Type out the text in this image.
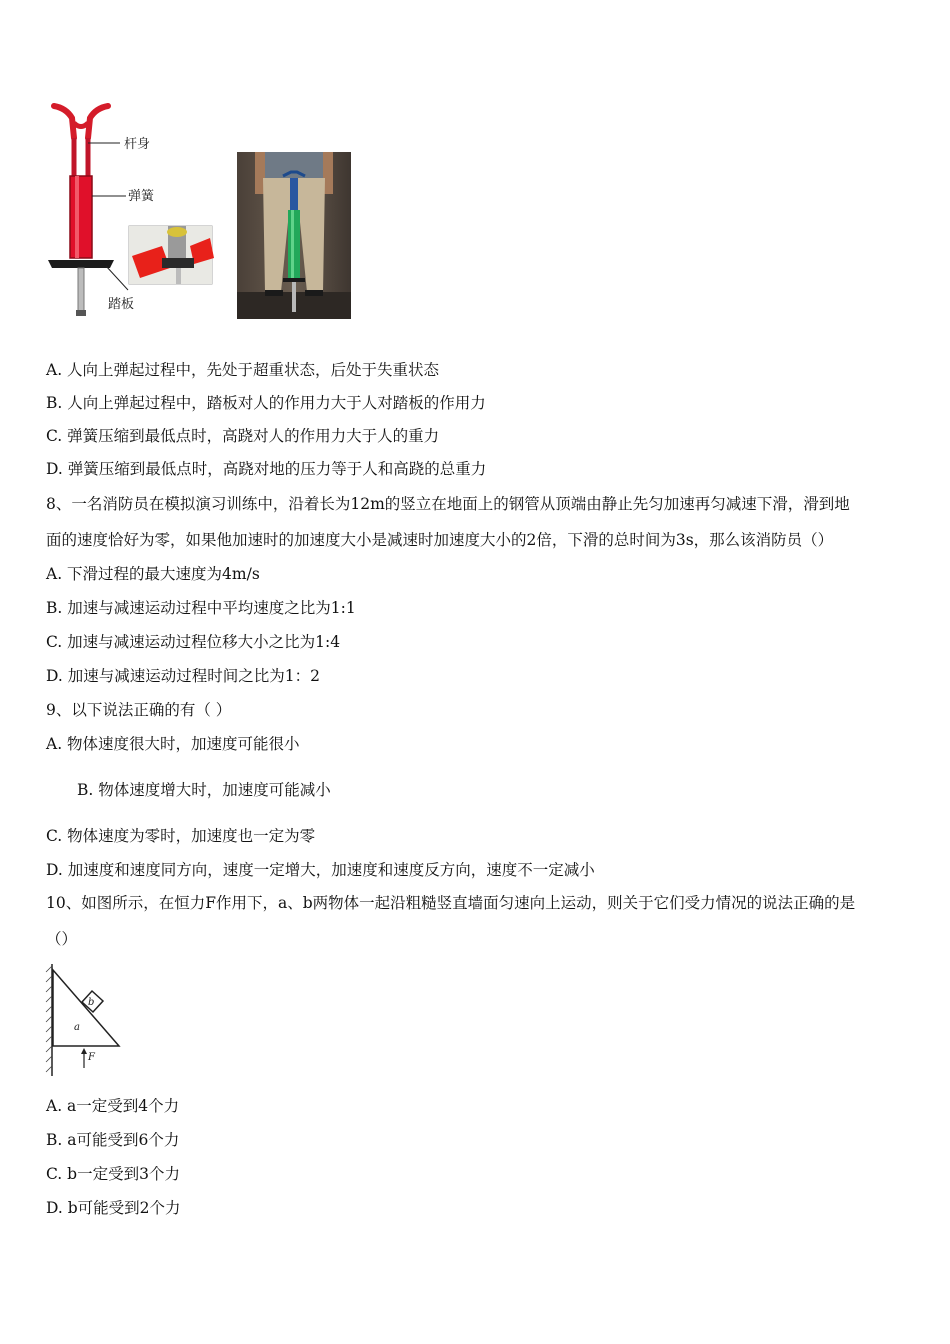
杆身
弹簧
踏板
A. 人向上弹起过程中，先处于超重状态，后处于失重状态
B. 人向上弹起过程中，踏板对人的作用力大于人对踏板的作用力
C. 弹簧压缩到最低点时，高跷对人的作用力大于人的重力
D. 弹簧压缩到最低点时，高跷对地的压力等于人和高跷的总重力
8、一名消防员在模拟演习训练中，沿着长为12m的竖立在地面上的钢管从顶端由静止先匀加速再匀减速下滑，滑到地
面的速度恰好为零，如果他加速时的加速度大小是减速时加速度大小的2倍，下滑的总时间为3s，那么该消防员（）
A. 下滑过程的最大速度为4m/s
B. 加速与减速运动过程中平均速度之比为1:1
C. 加速与减速运动过程位移大小之比为1:4
D. 加速与减速运动过程时间之比为1：2
9、以下说法正确的有（ ）
A. 物体速度很大时，加速度可能很小
B. 物体速度增大时，加速度可能减小
C. 物体速度为零时，加速度也一定为零
D. 加速度和速度同方向，速度一定增大，加速度和速度反方向，速度不一定减小
10、如图所示，在恒力F作用下，a、b两物体一起沿粗糙竖直墙面匀速向上运动，则关于它们受力情况的说法正确的是
（）
b
a
F
A. a一定受到4个力
B. a可能受到6个力
C. b一定受到3个力
D. b可能受到2个力
